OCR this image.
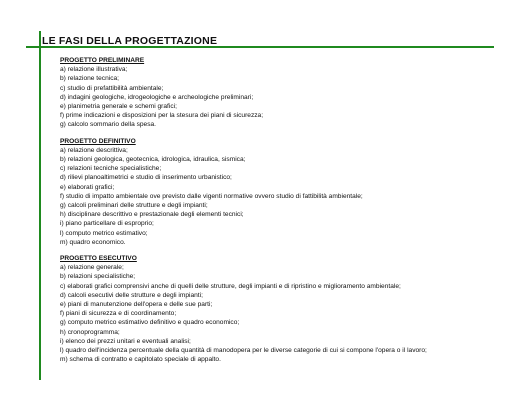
LE FASI DELLA PROGETTAZIONE
PROGETTO PRELIMINARE
a) relazione illustrativa;
b) relazione tecnica;
c) studio di prefattibilità ambientale;
d) indagini geologiche, idrogeologiche e archeologiche preliminari;
e) planimetria generale e schemi grafici;
f) prime indicazioni e disposizioni per la stesura dei piani di sicurezza;
g) calcolo sommario della spesa.
PROGETTO DEFINITIVO
a) relazione descrittiva;
b) relazioni geologica, geotecnica, idrologica, idraulica, sismica;
c) relazioni tecniche specialistiche;
d) rilievi planoaltimetrici e studio di inserimento urbanistico;
e) elaborati grafici;
f) studio di impatto ambientale ove previsto dalle vigenti normative ovvero studio di fattibilità ambientale;
g) calcoli preliminari delle strutture e degli impianti;
h) disciplinare descrittivo e prestazionale degli elementi tecnici;
i) piano particellare di esproprio;
l) computo metrico estimativo;
m) quadro economico.
PROGETTO ESECUTIVO
a) relazione generale;
b) relazioni specialistiche;
c) elaborati grafici comprensivi anche di quelli delle strutture, degli impianti e di ripristino e miglioramento ambientale;
d) calcoli esecutivi delle strutture e degli impianti;
e) piani di manutenzione dell'opera e delle sue parti;
f) piani di sicurezza e di coordinamento;
g) computo metrico estimativo definitivo e quadro economico;
h) cronoprogramma;
i) elenco dei prezzi unitari e eventuali analisi;
l) quadro dell'incidenza percentuale della quantità di manodopera per le diverse categorie di cui si compone l'opera o il lavoro;
m) schema di contratto e capitolato speciale di appalto.
